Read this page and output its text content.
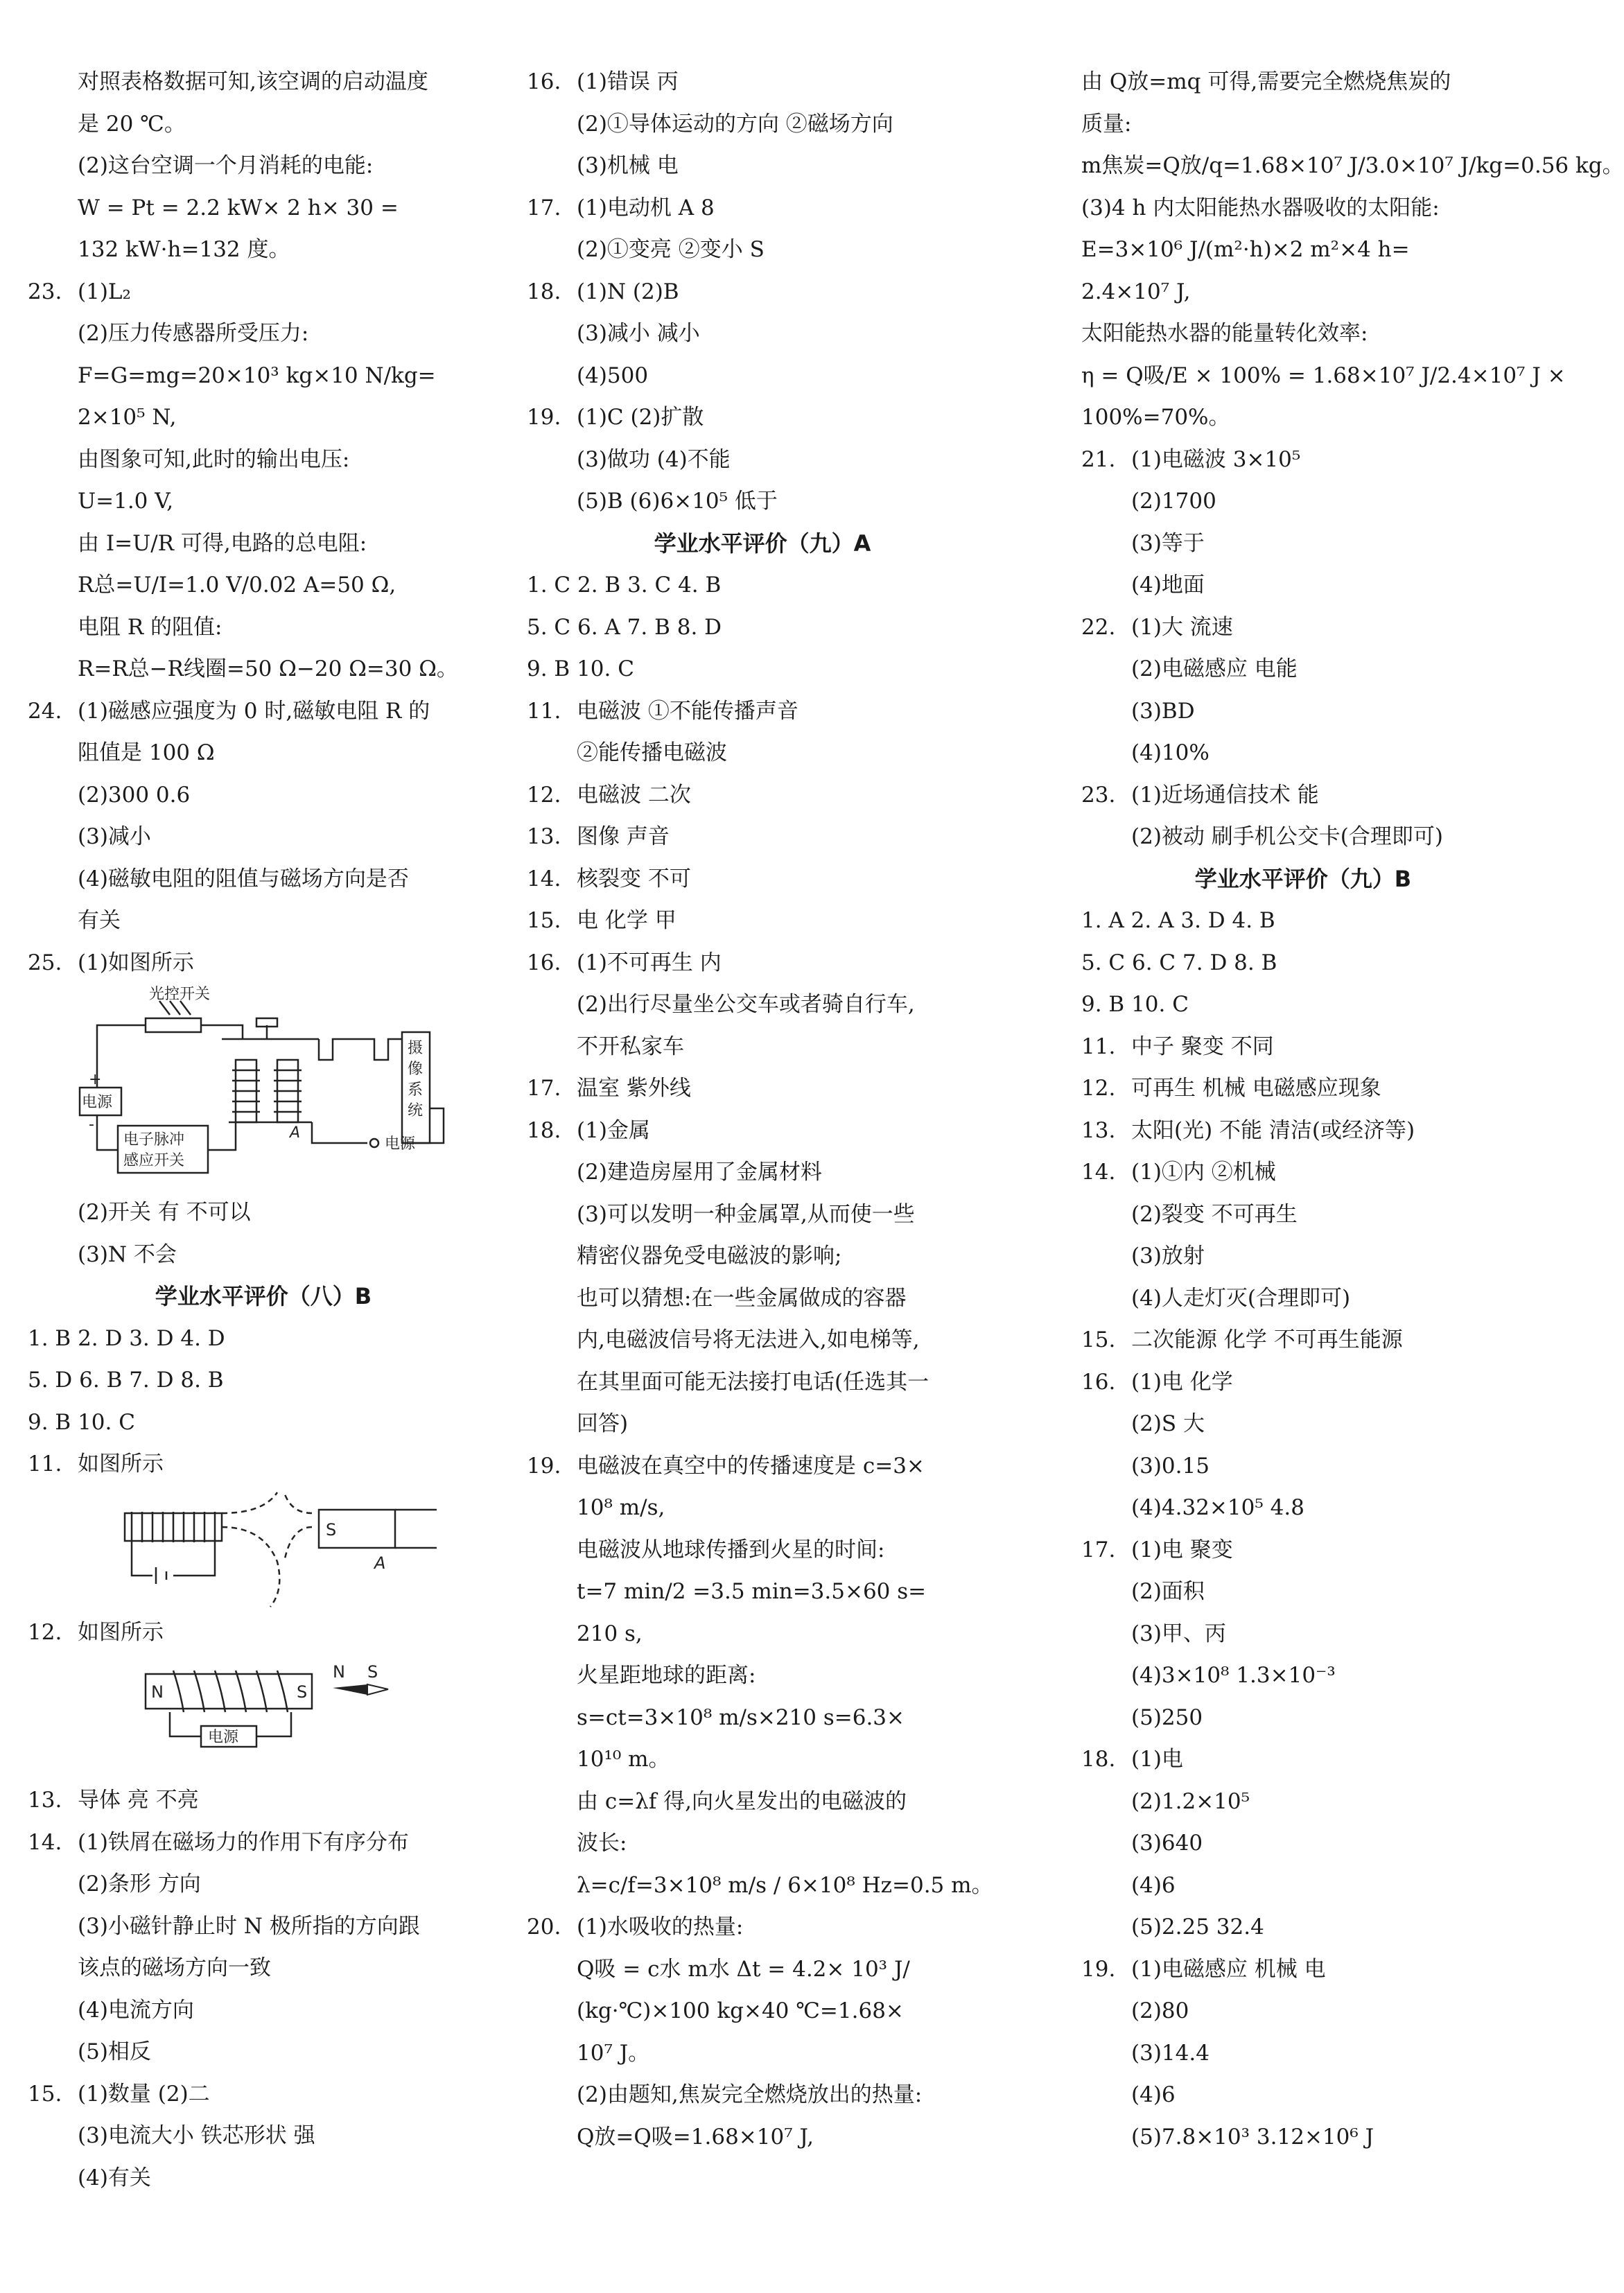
对照表格数据可知,该空调的启动温度
是 20 ℃。
(2)这台空调一个月消耗的电能:
W = Pt = 2.2 kW× 2 h× 30 =
132 kW·h=132 度。
23. (1)L₂
(2)压力传感器所受压力:
F=G=mg=20×10³ kg×10 N/kg=
2×10⁵ N,
由图象可知,此时的输出电压:
U=1.0 V,
由 I=U/R 可得,电路的总电阻:
R总=U/I=1.0 V/0.02 A=50 Ω,
电阻 R 的阻值:
R=R总−R线圈=50 Ω−20 Ω=30 Ω。
24. (1)磁感应强度为 0 时,磁敏电阻 R 的
阻值是 100 Ω
(2)300 0.6
(3)减小
(4)磁敏电阻的阻值与磁场方向是否
有关
25. (1)如图所示
光控开关
电源
电子脉冲
感应开关
A
电源
摄
像
系
统
+
-
(2)开关 有 不可以
(3)N 不会
学业水平评价（八）B
1. B 2. D 3. D 4. D
5. D 6. B 7. D 8. B
9. B 10. C
11. 如图所示
S
A
12. 如图所示
N	S
电源
N S
13. 导体 亮 不亮
14. (1)铁屑在磁场力的作用下有序分布
(2)条形 方向
(3)小磁针静止时 N 极所指的方向跟
该点的磁场方向一致
(4)电流方向
(5)相反
15. (1)数量 (2)二
(3)电流大小 铁芯形状 强
(4)有关
16. (1)错误 丙
(2)①导体运动的方向 ②磁场方向
(3)机械 电
17. (1)电动机 A 8
(2)①变亮 ②变小 S
18. (1)N (2)B
(3)减小 减小
(4)500
19. (1)C (2)扩散
(3)做功 (4)不能
(5)B (6)6×10⁵ 低于
学业水平评价（九）A
1. C 2. B 3. C 4. B
5. C 6. A 7. B 8. D
9. B 10. C
11. 电磁波 ①不能传播声音
②能传播电磁波
12. 电磁波 二次
13. 图像 声音
14. 核裂变 不可
15. 电 化学 甲
16. (1)不可再生 内
(2)出行尽量坐公交车或者骑自行车,
不开私家车
17. 温室 紫外线
18. (1)金属
(2)建造房屋用了金属材料
(3)可以发明一种金属罩,从而使一些
精密仪器免受电磁波的影响;
也可以猜想:在一些金属做成的容器
内,电磁波信号将无法进入,如电梯等,
在其里面可能无法接打电话(任选其一
回答)
19. 电磁波在真空中的传播速度是 c=3×
10⁸ m/s,
电磁波从地球传播到火星的时间:
t=7 min/2 =3.5 min=3.5×60 s=
210 s,
火星距地球的距离:
s=ct=3×10⁸ m/s×210 s=6.3×
10¹⁰ m。
由 c=λf 得,向火星发出的电磁波的
波长:
λ=c/f=3×10⁸ m/s / 6×10⁸ Hz=0.5 m。
20. (1)水吸收的热量:
Q吸 = c水 m水 Δt = 4.2× 10³ J/
(kg·℃)×100 kg×40 ℃=1.68×
10⁷ J。
(2)由题知,焦炭完全燃烧放出的热量:
Q放=Q吸=1.68×10⁷ J,
由 Q放=mq 可得,需要完全燃烧焦炭的
质量:
m焦炭=Q放/q=1.68×10⁷ J/3.0×10⁷ J/kg=0.56 kg。
(3)4 h 内太阳能热水器吸收的太阳能:
E=3×10⁶ J/(m²·h)×2 m²×4 h=
2.4×10⁷ J,
太阳能热水器的能量转化效率:
η = Q吸/E × 100% = 1.68×10⁷ J/2.4×10⁷ J ×
100%=70%。
21. (1)电磁波 3×10⁵
(2)1700
(3)等于
(4)地面
22. (1)大 流速
(2)电磁感应 电能
(3)BD
(4)10%
23. (1)近场通信技术 能
(2)被动 刷手机公交卡(合理即可)
学业水平评价（九）B
1. A 2. A 3. D 4. B
5. C 6. C 7. D 8. B
9. B 10. C
11. 中子 聚变 不同
12. 可再生 机械 电磁感应现象
13. 太阳(光) 不能 清洁(或经济等)
14. (1)①内 ②机械
(2)裂变 不可再生
(3)放射
(4)人走灯灭(合理即可)
15. 二次能源 化学 不可再生能源
16. (1)电 化学
(2)S 大
(3)0.15
(4)4.32×10⁵ 4.8
17. (1)电 聚变
(2)面积
(3)甲、丙
(4)3×10⁸ 1.3×10⁻³
(5)250
18. (1)电
(2)1.2×10⁵
(3)640
(4)6
(5)2.25 32.4
19. (1)电磁感应 机械 电
(2)80
(3)14.4
(4)6
(5)7.8×10³ 3.12×10⁶ J
